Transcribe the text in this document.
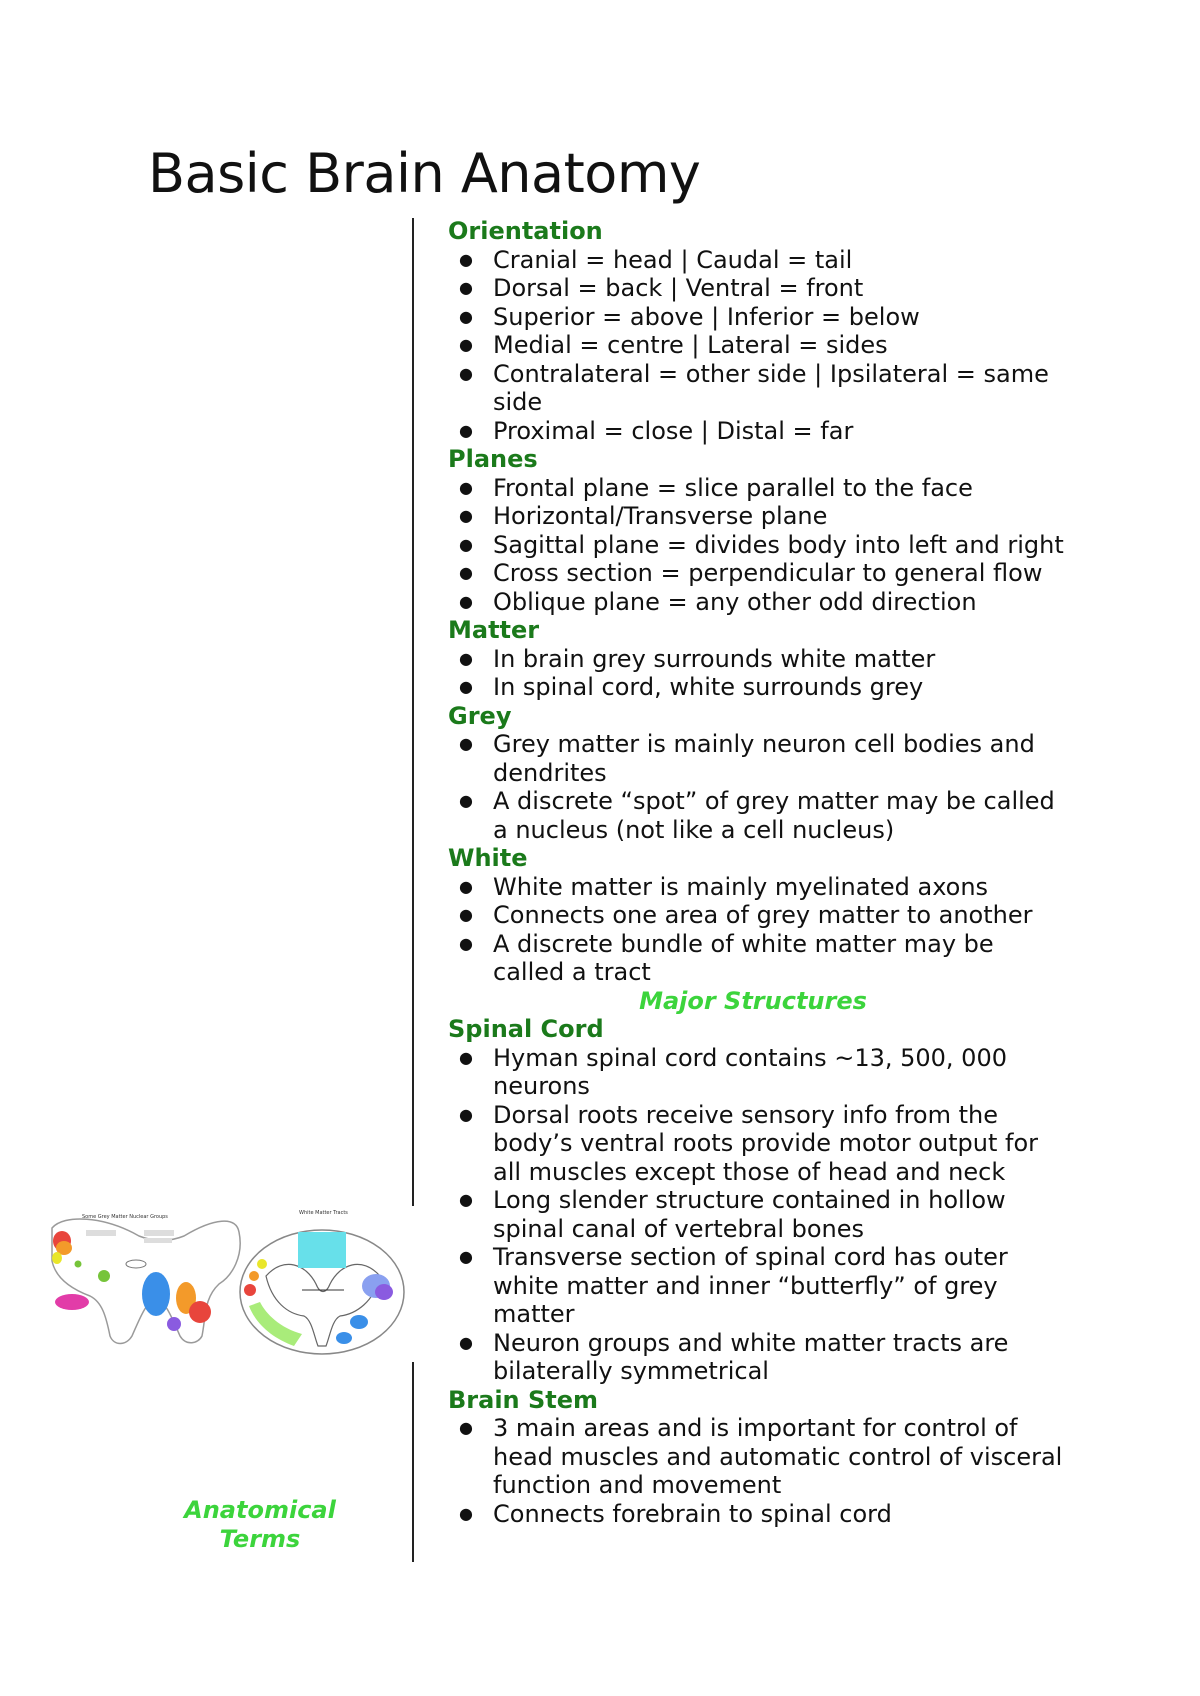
Basic Brain Anatomy
Some Grey Matter Nuclear Groups
White Matter Tracts
Anatomical Terms
Orientation
● Cranial = head | Caudal = tail
● Dorsal = back | Ventral = front
● Superior = above | Inferior = below
● Medial = centre | Lateral = sides
● Contralateral = other side | Ipsilateral = same side
● Proximal = close | Distal = far
Planes
● Frontal plane = slice parallel to the face
● Horizontal/Transverse plane
● Sagittal plane = divides body into left and right
● Cross section = perpendicular to general flow
● Oblique plane = any other odd direction
Matter
● In brain grey surrounds white matter
● In spinal cord, white surrounds grey
Grey
● Grey matter is mainly neuron cell bodies and dendrites
● A discrete “spot” of grey matter may be called a nucleus (not like a cell nucleus)
White
● White matter is mainly myelinated axons
● Connects one area of grey matter to another
● A discrete bundle of white matter may be called a tract
Major Structures
Spinal Cord
● Hyman spinal cord contains ~13, 500, 000 neurons
● Dorsal roots receive sensory info from the body’s ventral roots provide motor output for all muscles except those of head and neck
● Long slender structure contained in hollow spinal canal of vertebral bones
● Transverse section of spinal cord has outer white matter and inner “butterfly” of grey matter
● Neuron groups and white matter tracts are bilaterally symmetrical
Brain Stem
● 3 main areas and is important for control of head muscles and automatic control of visceral function and movement
● Connects forebrain to spinal cord
